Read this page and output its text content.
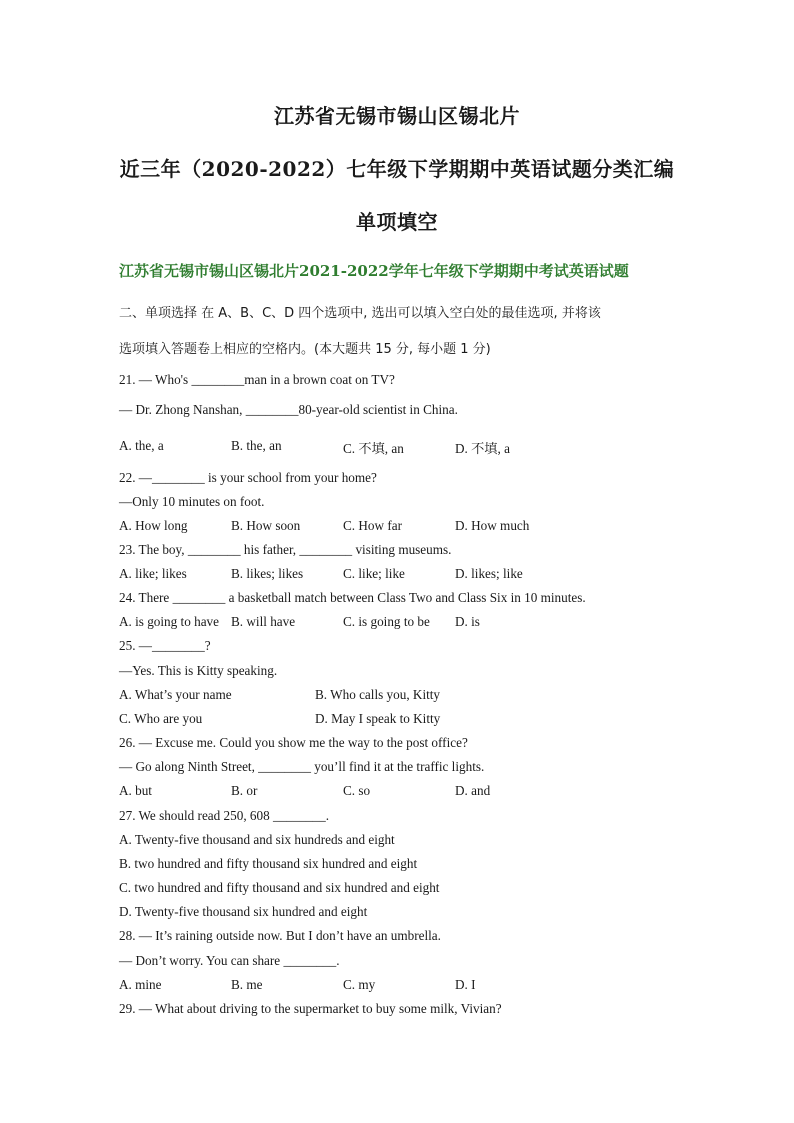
江苏省无锡市锡山区锡北片
近三年（2020-2022）七年级下学期期中英语试题分类汇编
单项填空
江苏省无锡市锡山区锡北片2021-2022学年七年级下学期期中考试英语试题
二、单项选择 在 A、B、C、D 四个选项中, 选出可以填入空白处的最佳选项, 并将该
选项填入答题卷上相应的空格内。(本大题共 15 分, 每小题 1 分)
21. — Who's ________man in a brown coat on TV?
— Dr. Zhong Nanshan, ________80-year-old scientist in China.
A. the, a	B. the, an	C. 不填, an	D. 不填, a
22. —________ is your school from your home?
—Only 10 minutes on foot.
A. How long	B. How soon	C. How far	D. How much
23. The boy, ________ his father, ________ visiting museums.
A. like; likes	B. likes; likes	C. like; like	D. likes; like
24. There ________ a basketball match between Class Two and Class Six in 10 minutes.
A. is going to have B. will have	C. is going to be D. is
25. —________?
—Yes. This is Kitty speaking.
A. What’s your name	B. Who calls you, Kitty
C. Who are you	D. May I speak to Kitty
26. — Excuse me. Could you show me the way to the post office?
— Go along Ninth Street, ________ you’ll find it at the traffic lights.
A. but	B. or	C. so	D. and
27. We should read 250, 608 ________.
A. Twenty-five thousand and six hundreds and eight
B. two hundred and fifty thousand six hundred and eight
C. two hundred and fifty thousand and six hundred and eight
D. Twenty-five thousand six hundred and eight
28. — It’s raining outside now. But I don’t have an umbrella.
— Don’t worry. You can share ________.
A. mine	B. me	C. my	D. I
29. — What about driving to the supermarket to buy some milk, Vivian?
